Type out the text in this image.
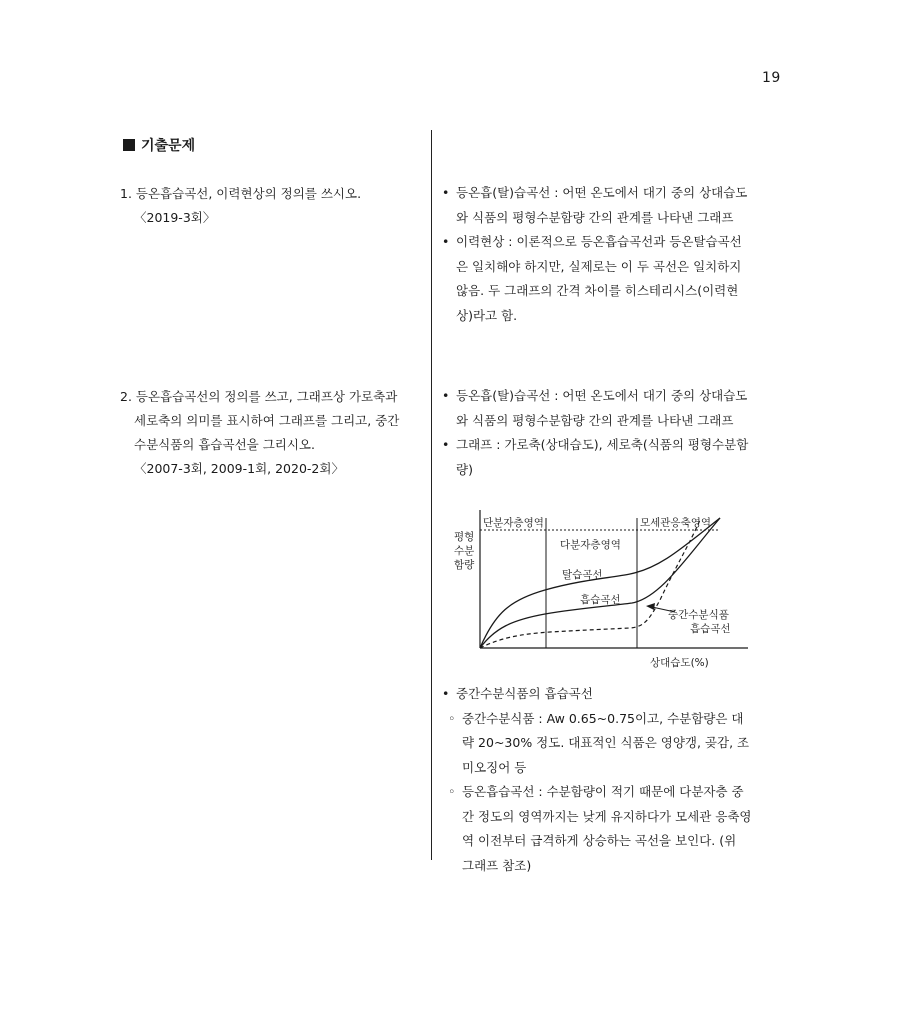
19
기출문제
1. 등온흡습곡선, 이력현상의 정의를 쓰시오.
〈2019-3회〉
• 등온흡(탈)습곡선 : 어떤 온도에서 대기 중의 상대습도와 식품의 평형수분함량 간의 관계를 나타낸 그래프
• 이력현상 : 이론적으로 등온흡습곡선과 등온탈습곡선은 일치해야 하지만, 실제로는 이 두 곡선은 일치하지 않음. 두 그래프의 간격 차이를 히스테리시스(이력현상)라고 함.
2. 등온흡습곡선의 정의를 쓰고, 그래프상 가로축과

세로축의 의미를 표시하여 그래프를 그리고, 중간
수분식품의 흡습곡선을 그리시오.
〈2007-3회, 2009-1회, 2020-2회〉
• 등온흡(탈)습곡선 : 어떤 온도에서 대기 중의 상대습도와 식품의 평형수분함량 간의 관계를 나타낸 그래프
• 그래프 : 가로축(상대습도), 세로축(식품의 평형수분함량)
단분자층영역
다분자층영역
모세관응축영역
평형
수분
함량
탈습곡선
흡습곡선
중간수분식품
흡습곡선
상대습도(%)
• 중간수분식품의 흡습곡선
◦ 중간수분식품 : Aw 0.65~0.75이고, 수분함량은 대략 20~30% 정도. 대표적인 식품은 영양갱, 곶감, 조미오징어 등
◦ 등온흡습곡선 : 수분함량이 적기 때문에 다분자층 중간 정도의 영역까지는 낮게 유지하다가 모세관 응축영역 이전부터 급격하게 상승하는 곡선을 보인다. (위 그래프 참조)
